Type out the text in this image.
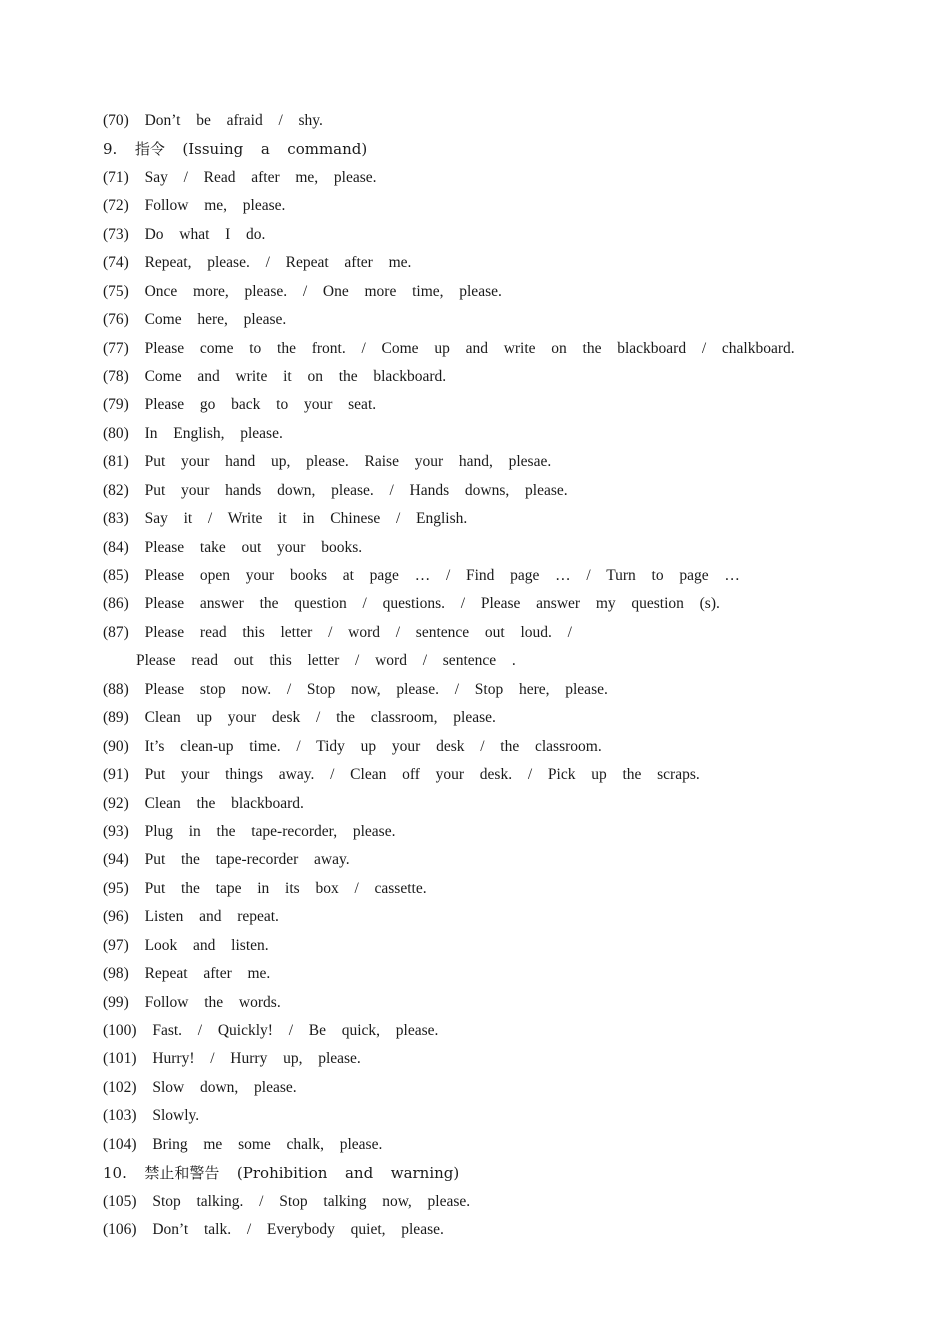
(70)  Don’t  be  afraid  /  shy.
9.  指令  (Issuing  a  command)
(71)  Say  /  Read  after  me,  please.
(72)  Follow  me,  please.
(73)  Do  what  I  do.
(74)  Repeat,  please.  /  Repeat  after  me.
(75)  Once  more,  please.  /  One  more  time,  please.
(76)  Come  here,  please.
(77)  Please  come  to  the  front.  /  Come  up  and  write  on  the  blackboard  /  chalkboard.
(78)  Come  and  write  it  on  the  blackboard.
(79)  Please  go  back  to  your  seat.
(80)  In  English,  please.
(81)  Put  your  hand  up,  please.  Raise  your  hand,  plesae.
(82)  Put  your  hands  down,  please.  /  Hands  downs,  please.
(83)  Say  it  /  Write  it  in  Chinese  /  English.
(84)  Please  take  out  your  books.
(85)  Please  open  your  books  at  page  …  /  Find  page  …  /  Turn  to  page  …
(86)  Please  answer  the  question  /  questions.  /  Please  answer  my  question  (s).
(87)  Please  read  this  letter  /  word  /  sentence  out  loud.  /
Please  read  out  this  letter  /  word  /  sentence  .
(88)  Please  stop  now.  /  Stop  now,  please.  /  Stop  here,  please.
(89)  Clean  up  your  desk  /  the  classroom,  please.
(90)  It’s  clean-up  time.  /  Tidy  up  your  desk  /  the  classroom.
(91)  Put  your  things  away.  /  Clean  off  your  desk.  /  Pick  up  the  scraps.
(92)  Clean  the  blackboard.
(93)  Plug  in  the  tape-recorder,  please.
(94)  Put  the  tape-recorder  away.
(95)  Put  the  tape  in  its  box  /  cassette.
(96)  Listen  and  repeat.
(97)  Look  and  listen.
(98)  Repeat  after  me.
(99)  Follow  the  words.
(100)  Fast.  /  Quickly!  /  Be  quick,  please.
(101)  Hurry!  /  Hurry  up,  please.
(102)  Slow  down,  please.
(103)  Slowly.
(104)  Bring  me  some  chalk,  please.
10.  禁止和警告  (Prohibition  and  warning)
(105)  Stop  talking.  /  Stop  talking  now,  please.
(106)  Don’t  talk.  /  Everybody  quiet,  please.
